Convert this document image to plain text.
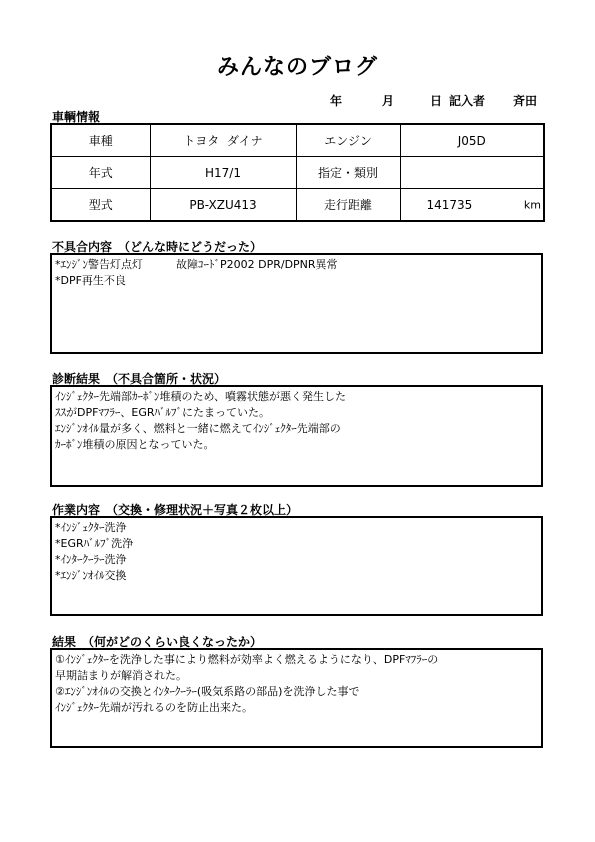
みんなのブログ
年	月	日 記入者 斉田
車輌情報
車種	トヨタ  ダイナ	エンジン	J05D
年式	H17/1	指定・類別	
型式	PB-XZU413	走行距離	141735 km
不具合内容　（どんな時にどうだった）
*ｴﾝｼﾞﾝ警告灯点灯　　　故障ｺｰﾄﾞP2002 DPR/DPNR異常
*DPF再生不良
診断結果　（不具合箇所・状況）
ｲﾝｼﾞｪｸﾀｰ先端部ｶｰﾎﾞﾝ堆積のため、噴霧状態が悪く発生した
ｽｽがDPFﾏﾌﾗｰ、EGRﾊﾞﾙﾌﾞにたまっていた。
ｴﾝｼﾞﾝｵｲﾙ量が多く、燃料と一緒に燃えてｲﾝｼﾞｪｸﾀｰ先端部の
ｶｰﾎﾞﾝ堆積の原因となっていた。
作業内容　（交換・修理状況＋写真２枚以上）
*ｲﾝｼﾞｪｸﾀｰ洗浄
*EGRﾊﾞﾙﾌﾞ洗浄
*ｲﾝﾀｰｸｰﾗｰ洗浄
*ｴﾝｼﾞﾝｵｲﾙ交換
結果　（何がどのくらい良くなったか）
①ｲﾝｼﾞｪｸﾀｰを洗浄した事により燃料が効率よく燃えるようになり、DPFﾏﾌﾗｰの
早期詰まりが解消された。
②ｴﾝｼﾞﾝｵｲﾙの交換とｲﾝﾀｰｸｰﾗｰ(吸気系路の部品)を洗浄した事で
ｲﾝｼﾞｪｸﾀｰ先端が汚れるのを防止出来た。
